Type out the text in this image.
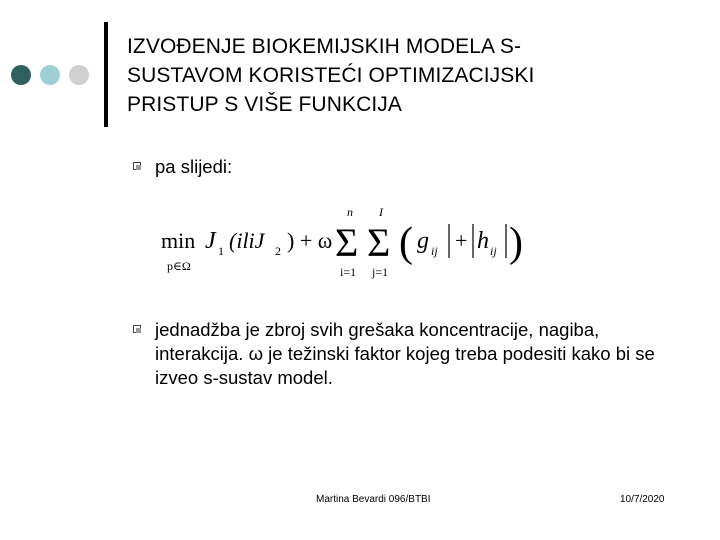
IZVOĐENJE BIOKEMIJSKIH MODELA S-
SUSTAVOM KORISTEĆI OPTIMIZACIJSKI
PRISTUP S VIŠE FUNKCIJA
pa slijedi:
min
p∈Ω
J 1 (iliJ 2 ) + ω
n
Σ
i=1
I
Σ
j=1
( g ij + h ij )
jednadžba je zbroj svih grešaka koncentracije, nagiba, interakcija. ω je težinski faktor kojeg treba podesiti kako bi se izveo s-sustav model.
Martina Bevardi 096/BTBI	10/7/2020
